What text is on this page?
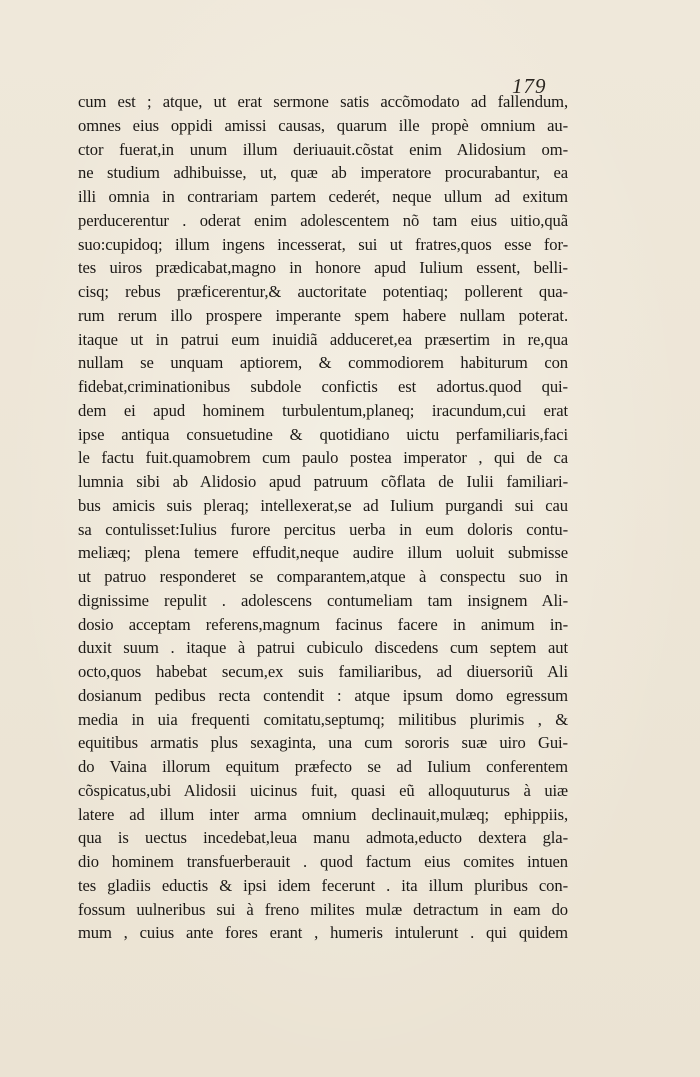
179
cum est ; atque, ut erat sermone satis accõmodato ad fallendum,
omnes eius oppidi amissi causas, quarum ille propè omnium au-
ctor fuerat,in unum illum deriuauit.cõstat enim Alidosium om-
ne studium adhibuisse, ut, quæ ab imperatore procurabantur, ea
illi omnia in contrariam partem cederét, neque ullum ad exitum
perducerentur . oderat enim adolescentem nõ tam eius uitio,quã
suo:cupidoq; illum ingens incesserat, sui ut fratres,quos esse for-
tes uiros prædicabat,magno in honore apud Iulium essent, belli-
cisq; rebus præficerentur,& auctoritate potentiaq; pollerent qua-
rum rerum illo prospere imperante spem habere nullam poterat.
itaque ut in patrui eum inuidiã adduceret,ea præsertim in re,qua
nullam se unquam aptiorem, & commodiorem habiturum con
fidebat,criminationibus subdole confictis est adortus.quod qui-
dem ei apud hominem turbulentum,planeq; iracundum,cui erat
ipse antiqua consuetudine & quotidiano uictu perfamiliaris,faci
le factu fuit.quamobrem cum paulo postea imperator , qui de ca
lumnia sibi ab Alidosio apud patruum cõflata de Iulii familiari-
bus amicis suis pleraq; intellexerat,se ad Iulium purgandi sui cau
sa contulisset:Iulius furore percitus uerba in eum doloris contu-
meliæq; plena temere effudit,neque audire illum uoluit submisse
ut patruo responderet se comparantem,atque à conspectu suo in
dignissime repulit . adolescens contumeliam tam insignem Ali-
dosio acceptam referens,magnum facinus facere in animum in-
duxit suum . itaque à patrui cubiculo discedens cum septem aut
octo,quos habebat secum,ex suis familiaribus, ad diuersoriũ Ali
dosianum pedibus recta contendit : atque ipsum domo egressum
media in uia frequenti comitatu,septumq; militibus plurimis , &
equitibus armatis plus sexaginta, una cum sororis suæ uiro Gui-
do Vaina illorum equitum præfecto se ad Iulium conferentem
cõspicatus,ubi Alidosii uicinus fuit, quasi eũ alloquuturus à uiæ
latere ad illum inter arma omnium declinauit,mulæq; ephippiis,
qua is uectus incedebat,leua manu admota,educto dextera gla-
dio hominem transfuerberauit . quod factum eius comites intuen
tes gladiis eductis & ipsi idem fecerunt . ita illum pluribus con-
fossum uulneribus sui à freno milites mulæ detractum in eam do
mum , cuius ante fores erant , humeris intulerunt . qui quidem
